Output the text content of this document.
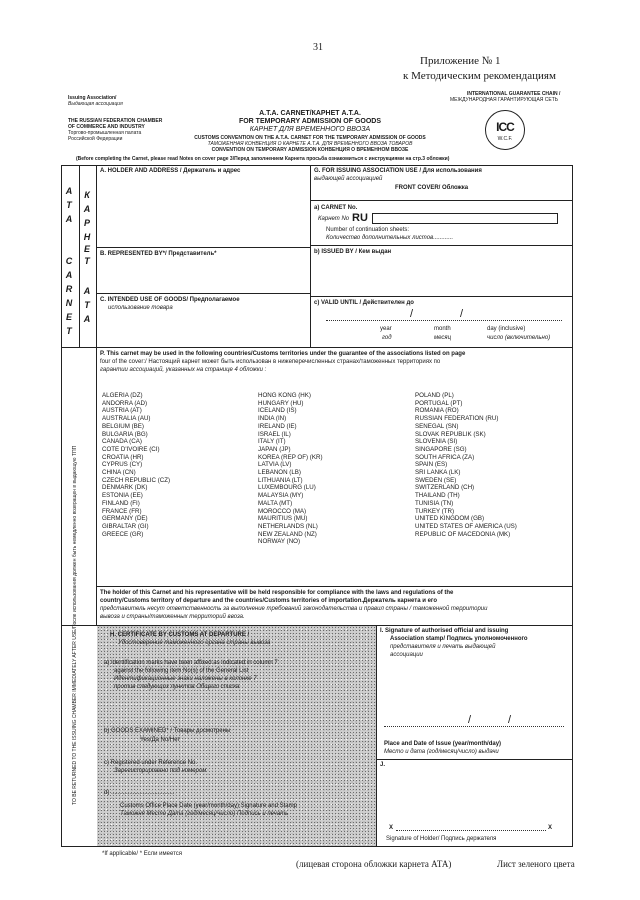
31
Приложение № 1
к Методическим рекомендациям
Issuing Association/
Выдающая ассоциация
THE RUSSIAN FEDERATION CHAMBER
OF COMMERCE AND INDUSTRY
Торгово-промышленная палата
Российской Федерации
A.T.A. CARNET/КАРНЕТ А.Т.А.
FOR TEMPORARY ADMISSION OF GOODS
КАРНЕТ ДЛЯ ВРЕМЕННОГО ВВОЗА
CUSTOMS CONVENTION ON THE A.T.A. CARNET FOR THE TEMPORARY ADMISSION OF GOODS
ТАМОЖЕННАЯ КОНВЕНЦИЯ О КАРНЕТЕ А.Т.А. ДЛЯ ВРЕМЕННОГО ВВОЗА ТОВАРОВ
CONVENTION ON TEMPORARY ADMISSION КОНВЕНЦИЯ О ВРЕМЕННОМ ВВОЗЕ
INTERNATIONAL GUARANTEE CHAIN /
МЕЖДУНАРОДНАЯ ГАРАНТИРУЮЩАЯ СЕТЬ
ICC
W.C.F.
(Before completing the Carnet, please read Notes on cover page 3/Перед заполнением Карнета просьба ознакомиться с инструкциями на стр.3 обложки)
TO BE RETURNED TO THE ISSUING CHAMBER IMMEDIATELY AFTER USE/После использования должен быть немедленно возвращен в выдающую ТПП
A
T
A
C
A
R
N
E
T
К
А
Р
Н
Е
Т
А
Т
А
A. HOLDER AND ADDRESS / Держатель и адрес
B. REPRESENTED BY*/ Представитель*
C. INTENDED USE OF GOODS/ Предполагаемое
использование товара
G. FOR ISSUING ASSOCIATION USE / Для использования
выдающей ассоциацией
FRONT COVER/ Обложка
a) CARNET No.
Карнет No RU
Number of continuation sheets:
Количество дополнительных листов............
b) ISSUED BY / Кем выдан
c) VALID UNTIL / Действителен до
/	/
year	month	day (inclusive)
год	месяц	число (включительно)
P. This carnet may be used in the following countries/Customs territories under the guarantee of the associations listed on page
four of the cover:/ Настоящий карнет может быть использован в нижеперечисленных странах/таможенных территориях по
гарантии ассоциаций, указанных на странице 4 обложки :
ALGERIA (DZ)
ANDORRA (AD)
AUSTRIA (AT)
AUSTRALIA (AU)
BELGIUM (BE)
BULGARIA (BG)
CANADA (CA)
COTE D'IVOIRE (CI)
CROATIA (HR)
CYPRUS (CY)
CHINA (CN)
CZECH REPUBLIC (CZ)
DENMARK (DK)
ESTONIA (EE)
FINLAND (FI)
FRANCE (FR)
GERMANY (DE)
GIBRALTAR (GI)
GREECE (GR)
HONG KONG (HK)
HUNGARY (HU)
ICELAND (IS)
INDIA (IN)
IRELAND (IE)
ISRAEL (IL)
ITALY (IT)
JAPAN (JP)
KOREA (REP OF) (KR)
LATVIA (LV)
LEBANON (LB)
LITHUANIA (LT)
LUXEMBOURG (LU)
MALAYSIA (MY)
MALTA (MT)
MOROCCO (MA)
MAURITIUS (MU)
NETHERLANDS (NL)
NEW ZEALAND (NZ)
NORWAY (NO)
POLAND (PL)
PORTUGAL (PT)
ROMANIA (RO)
RUSSIAN FEDERATION (RU)
SENEGAL (SN)
SLOVAK REPUBLIK (SK)
SLOVENIA (SI)
SINGAPORE (SG)
SOUTH AFRICA (ZA)
SPAIN (ES)
SRI LANKA (LK)
SWEDEN (SE)
SWITZERLAND (CH)
THAILAND (TH)
TUNISIA (TN)
TURKEY (TR)
UNITED KINGDOM (GB)
UNITED STATES OF AMERICA (US)
REPUBLIC OF MACEDONIA (MK)
The holder of this Carnet and his representative will be held responsible for compliance with the laws and regulations of the
country/Customs territory of departure and the countries/Customs territories of importation.Держатель карнета и его
представитель несут ответственность за выполнение требований законодательства и правил страны / таможенной территории
вывоза и страны/таможенных территорий ввоза.
H. CERTIFICATE BY CUSTOMS AT DEPARTURE /
Удостоверение таможенного органа страны вывоза
a) Identification marks have been affixed as indicated in column 7
against the following item No(s) of the General List
Идентификационные знаки наложены в колонке 7
против следующих пунктов Общего списка
b) GOODS EXAMINED* / Товары досмотрены
Yes/Да No/Нет
c) Registered under Reference No.
Зарегистрировано под номером
d) ......................................
Customs Office Place Date (year/month/day) Signature and Stamp
Таможня Место Дата (год/месяц/число) Подпись и печать
I. Signature of authorised official and issuing
Association stamp/ Подпись уполномоченного
представителя и печать выдающей
ассоциации
/	/
Place and Date of Issue (year/month/day)
Место и дата (год/месяц/число) выдачи
J.
X	X
Signature of Holder/ Подпись держателя
*If applicable/ * Если имеется
(лицевая сторона обложки карнета АТА)	Лист зеленого цвета
